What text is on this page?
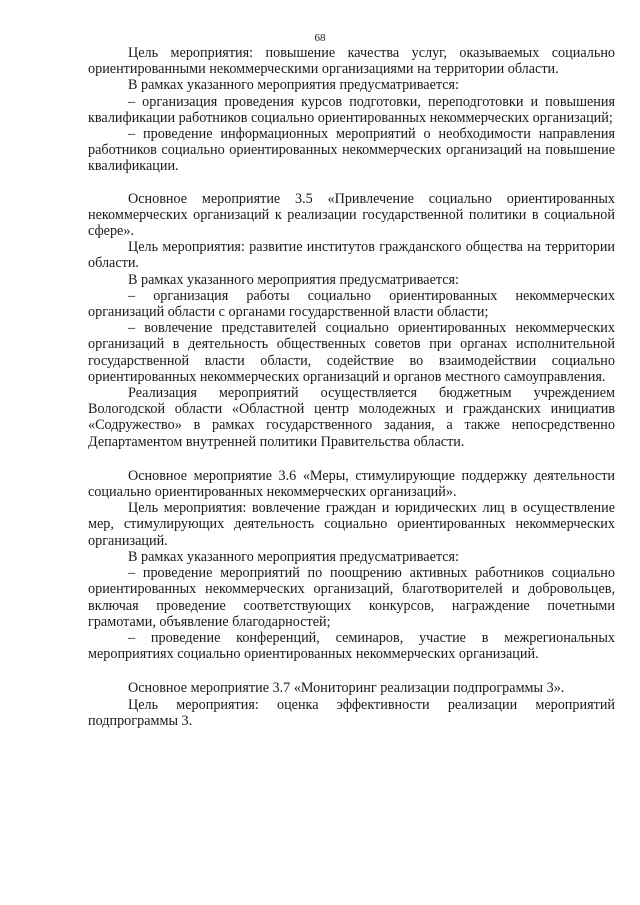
68

Цель мероприятия: повышение качества услуг, оказываемых социально ориентированными некоммерческими организациями на территории области.

В рамках указанного мероприятия предусматривается:

– организация проведения курсов подготовки, переподготовки и повышения квалификации работников социально ориентированных некоммерческих организаций;

– проведение информационных мероприятий о необходимости направления работников социально ориентированных некоммерческих организаций на повышение квалификации.

Основное мероприятие 3.5 «Привлечение социально ориентированных некоммерческих организаций к реализации государственной политики в социальной сфере».

Цель мероприятия: развитие институтов гражданского общества на территории области.

В рамках указанного мероприятия предусматривается:

– организация работы социально ориентированных некоммерческих организаций области с органами государственной власти области;

– вовлечение представителей социально ориентированных некоммерческих организаций в деятельность общественных советов при органах исполнительной государственной власти области, содействие во взаимодействии социально ориентированных некоммерческих организаций и органов местного самоуправления.

Реализация мероприятий осуществляется бюджетным учреждением Вологодской области «Областной центр молодежных и гражданских инициатив «Содружество» в рамках государственного задания, а также непосредственно Департаментом внутренней политики Правительства области.

Основное мероприятие 3.6 «Меры, стимулирующие поддержку деятельности социально ориентированных некоммерческих организаций».

Цель мероприятия: вовлечение граждан и юридических лиц в осуществление мер, стимулирующих деятельность социально ориентированных некоммерческих организаций.

В рамках указанного мероприятия предусматривается:

– проведение мероприятий по поощрению активных работников социально ориентированных некоммерческих организаций, благотворителей и добровольцев, включая проведение соответствующих конкурсов, награждение почетными грамотами, объявление благодарностей;

– проведение конференций, семинаров, участие в межрегиональных мероприятиях социально ориентированных некоммерческих организаций.

Основное мероприятие 3.7 «Мониторинг реализации подпрограммы 3».

Цель мероприятия: оценка эффективности реализации мероприятий подпрограммы 3.
